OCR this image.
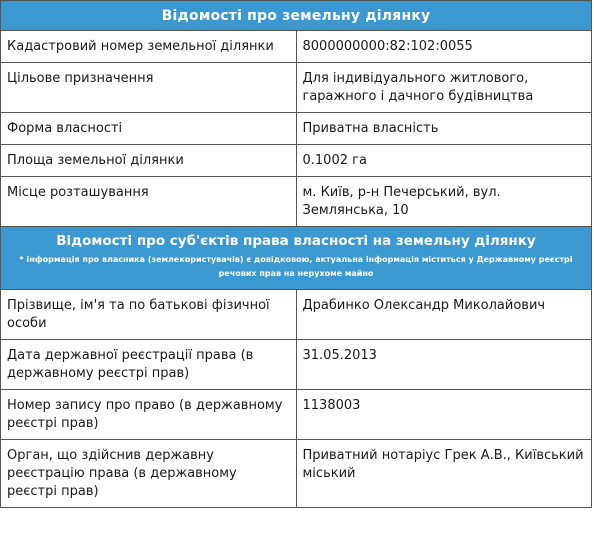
Відомості про земельну ділянку	
Кадастровий номер земельної ділянки	8000000000:82:102:0055
Цільове призначення	Для індивідуального житлового, гаражного і дачного будівництва
Форма власності	Приватна власність
Площа земельної ділянки	0.1002 га
Місце розташування	м. Київ, р-н Печерський, вул. Землянська, 10

Відомості про суб'єктів права власності на земельну ділянку
* інформація про власника (землекористувачів) є довідковою, актуальна інформація міститься у Державному реєстрі речових прав на нерухоме майно	

Прізвище, ім'я та по батькові фізичної особи	Драбинко Олександр Миколайович
Дата державної реєстрації права (в державному реєстрі прав)	31.05.2013
Номер запису про право (в державному реєстрі прав)	1138003
Орган, що здійснив державну реєстрацію права (в державному реєстрі прав)	Приватний нотаріус Грек А.В., Київський міський
